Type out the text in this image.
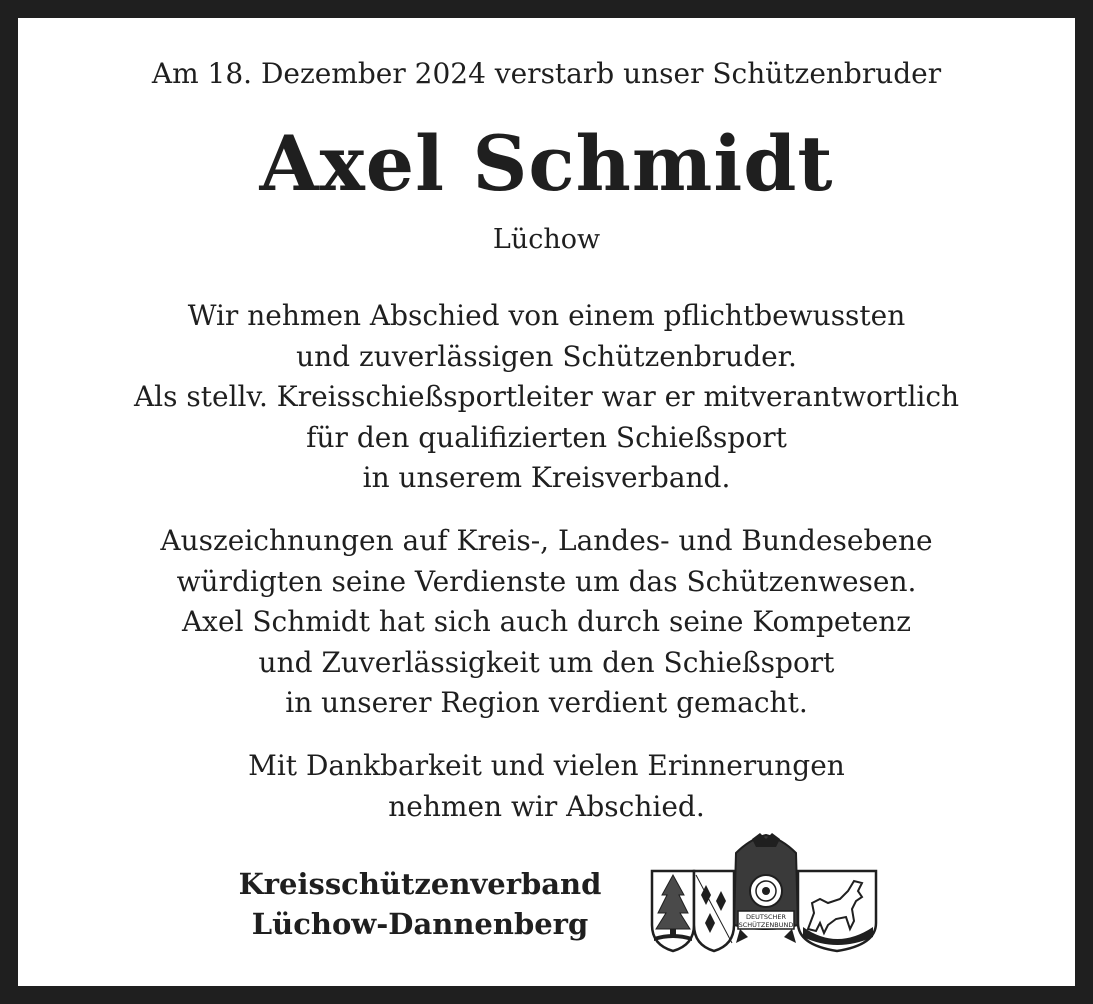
Am 18. Dezember 2024 verstarb unser Schützenbruder
Axel Schmidt
Lüchow
Wir nehmen Abschied von einem pflichtbewussten
und zuverlässigen Schützenbruder.
Als stellv. Kreisschießsportleiter war er mitverantwortlich
für den qualifizierten Schießsport
in unserem Kreisverband.
Auszeichnungen auf Kreis-, Landes- und Bundesebene
würdigten seine Verdienste um das Schützenwesen.
Axel Schmidt hat sich auch durch seine Kompetenz
und Zuverlässigkeit um den Schießsport
in unserer Region verdient gemacht.
Mit Dankbarkeit und vielen Erinnerungen
nehmen wir Abschied.
Kreisschützenverband
Lüchow-Dannenberg	DEUTSCHER
SCHÜTZENBUND
